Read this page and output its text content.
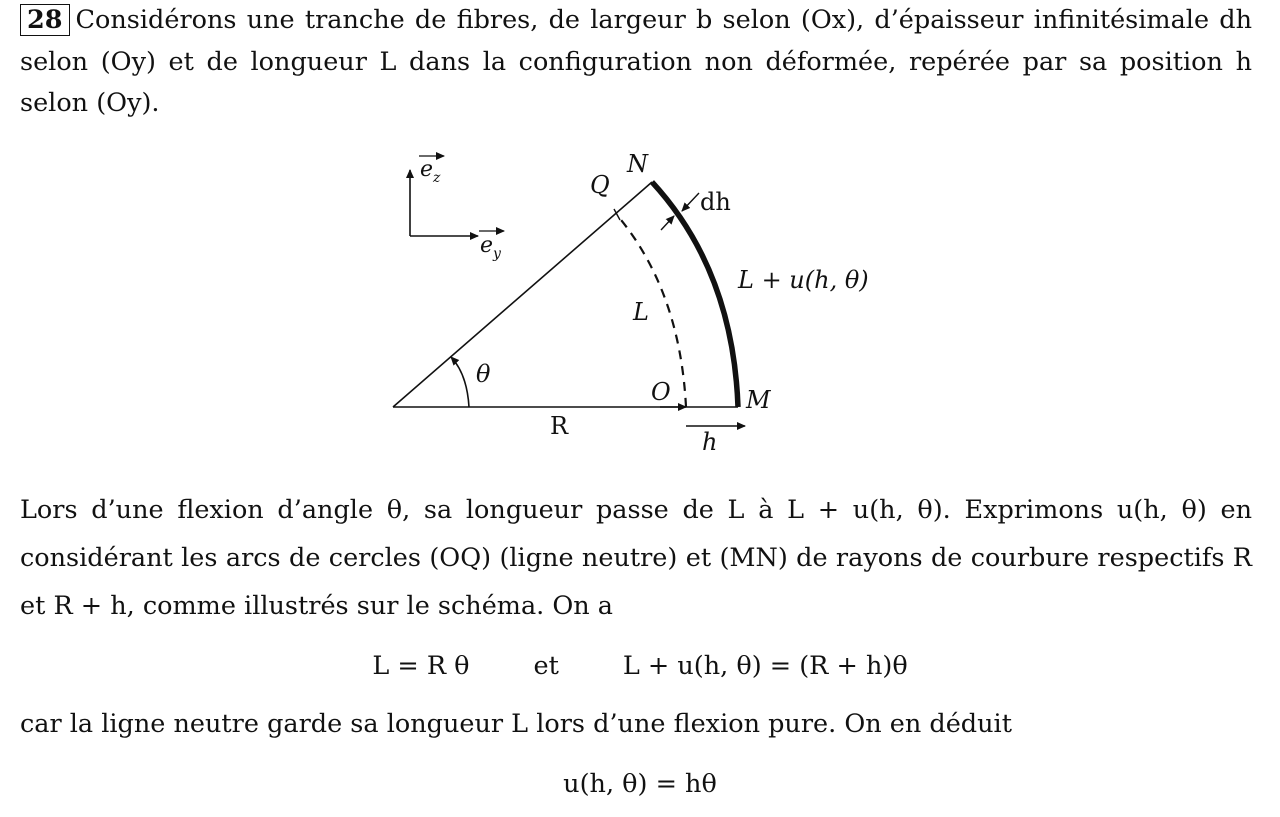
28 Considérons une tranche de fibres, de largeur b selon (Ox), d’épaisseur infinitésimale dh selon (Oy) et de longueur L dans la configuration non déformée, repérée par sa position h selon (Oy).

e z
e y
Q
N
dh
L + u(h, θ)
L
θ
O	M
R
h

Lors d’une flexion d’angle θ, sa longueur passe de L à L + u(h, θ). Exprimons u(h, θ) en considérant les arcs de cercles (OQ) (ligne neutre) et (MN) de rayons de courbure respectifs R et R + h, comme illustrés sur le schéma. On a

L = R θ	et	L + u(h, θ) = (R + h)θ

car la ligne neutre garde sa longueur L lors d’une flexion pure. On en déduit

u(h, θ) = hθ
